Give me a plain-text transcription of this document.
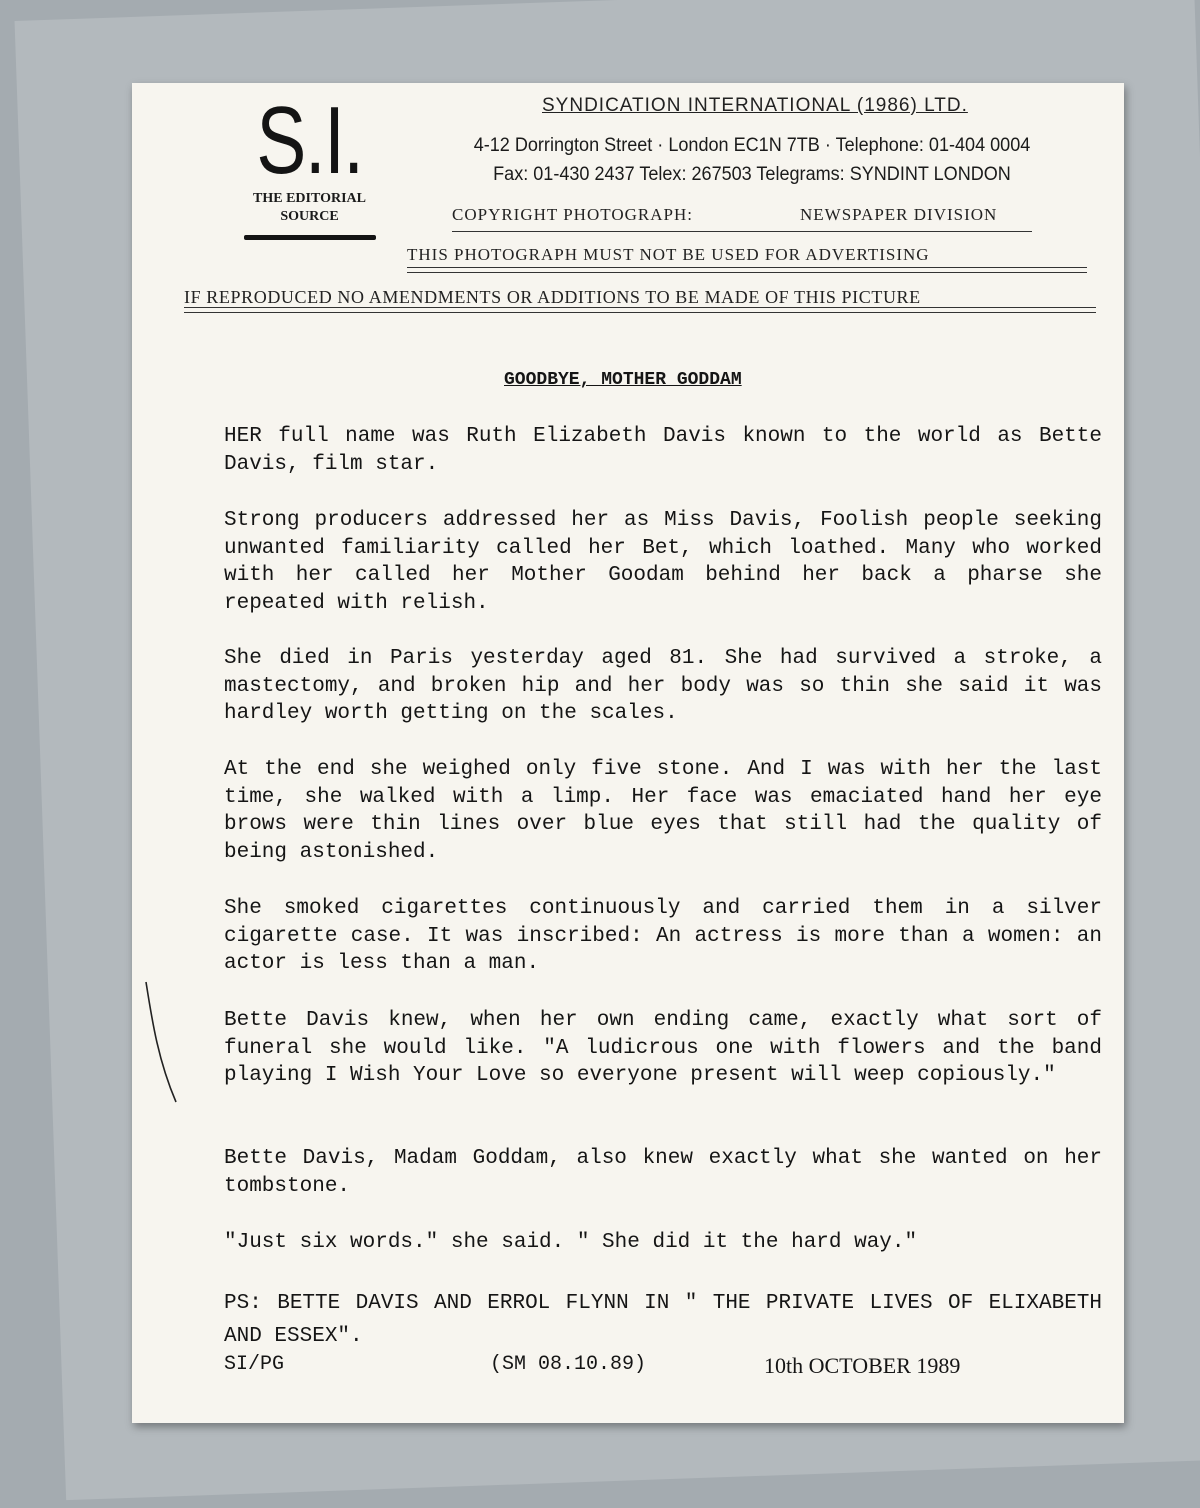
S.I.
THE EDITORIAL
SOURCE
SYNDICATION INTERNATIONAL (1986) LTD.
4-12 Dorrington Street · London EC1N 7TB · Telephone: 01-404 0004
Fax: 01-430 2437 Telex: 267503 Telegrams: SYNDINT LONDON
COPYRIGHT PHOTOGRAPH:	NEWSPAPER DIVISION
THIS PHOTOGRAPH MUST NOT BE USED FOR ADVERTISING
IF REPRODUCED NO AMENDMENTS OR ADDITIONS TO BE MADE OF THIS PICTURE
GOODBYE, MOTHER GODDAM

HER full name was Ruth Elizabeth Davis known to the world as Bette Davis, film star.

Strong producers addressed her as Miss Davis, Foolish people seeking unwanted familiarity called her Bet, which loathed. Many who worked with her called her Mother Goodam behind her back a pharse she repeated with relish.

She died in Paris yesterday aged 81. She had survived a stroke, a mastectomy, and broken hip and her body was so thin she said it was hardley worth getting on the scales.

At the end she weighed only five stone. And I was with her the last time, she walked with a limp. Her face was emaciated hand her eye brows were thin lines over blue eyes that still had the quality of being astonished.

She smoked cigarettes continuously and carried them in a silver cigarette case. It was inscribed: An actress is more than a women: an actor is less than a man.

Bette Davis knew, when her own ending came, exactly what sort of funeral she would like. "A ludicrous one with flowers and the band playing I Wish Your Love so everyone present will weep copiously."

Bette Davis, Madam Goddam, also knew exactly what she wanted on her tombstone.

"Just six words." she said. " She did it the hard way."

PS: BETTE DAVIS AND ERROL FLYNN IN " THE PRIVATE LIVES OF ELIXABETH AND ESSEX".

SI/PG	(SM 08.10.89)	10th OCTOBER 1989
